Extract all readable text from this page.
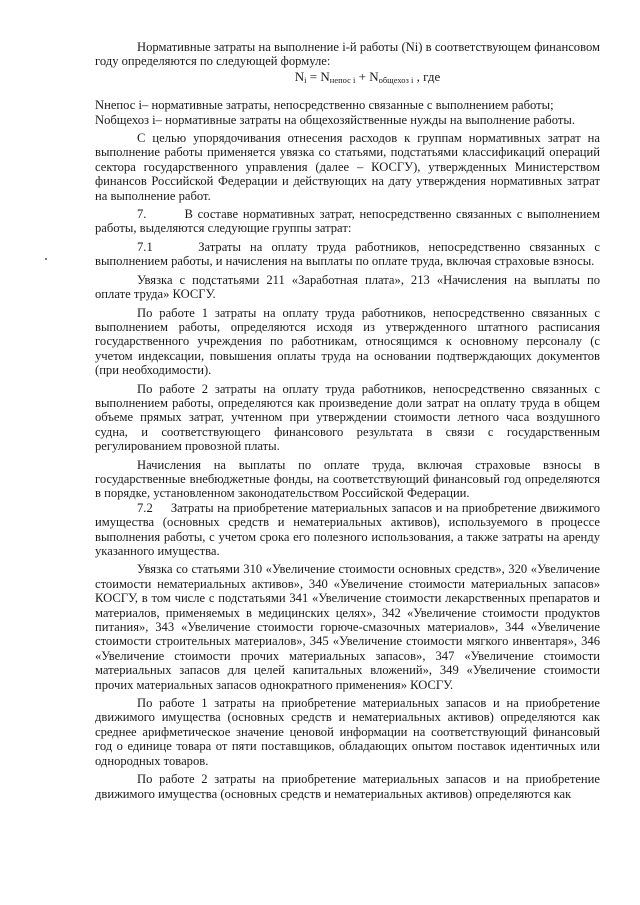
Нормативные затраты на выполнение i-й работы (Ni) в соответствующем финансовом году определяются по следующей формуле:

$N_i = N_{непос i} + N_{общехоз i}$ , где

Nнепос i– нормативные затраты, непосредственно связанные с выполнением работы;

Nобщехоз i– нормативные затраты на общехозяйственные нужды на выполнение работы.

С целью упорядочивания отнесения расходов к группам нормативных затрат на выполнение работы применяется увязка со статьями, подстатьями классификаций операций сектора государственного управления (далее – КОСГУ), утвержденных Министерством финансов Российской Федерации и действующих на дату утверждения нормативных затрат на выполнение работ.

7.        В составе нормативных затрат, непосредственно связанных с выполнением работы, выделяются следующие группы затрат:

7.1     Затраты на оплату труда работников, непосредственно связанных с выполнением работы, и начисления на выплаты по оплате труда, включая страховые взносы.

Увязка с подстатьями 211 «Заработная плата», 213 «Начисления на выплаты по оплате труда» КОСГУ.

По работе 1 затраты на оплату труда работников, непосредственно связанных с выполнением работы, определяются исходя из утвержденного штатного расписания государственного учреждения по работникам, относящимся к основному персоналу (с учетом индексации, повышения оплаты труда на основании подтверждающих документов (при необходимости).

По работе 2 затраты на оплату труда работников, непосредственно связанных с выполнением работы, определяются как произведение доли затрат на оплату труда в общем объеме прямых затрат, учтенном при утверждении стоимости летного часа воздушного судна, и соответствующего финансового результата в связи с государственным регулированием провозной платы.

Начисления на выплаты по оплате труда, включая страховые взносы в государственные внебюджетные фонды, на соответствующий финансовый год определяются в порядке, установленном законодательством Российской Федерации.

7.2     Затраты на приобретение материальных запасов и на приобретение движимого имущества (основных средств и нематериальных активов), используемого в процессе выполнения работы, с учетом срока его полезного использования, а также затраты на аренду указанного имущества.

Увязка со статьями 310 «Увеличение стоимости основных средств», 320 «Увеличение стоимости нематериальных активов», 340 «Увеличение стоимости материальных запасов» КОСГУ, в том числе с подстатьями 341 «Увеличение стоимости лекарственных препаратов и материалов, применяемых в медицинских целях», 342 «Увеличение стоимости продуктов питания», 343 «Увеличение стоимости горюче-смазочных материалов», 344 «Увеличение стоимости строительных материалов», 345 «Увеличение стоимости мягкого инвентаря», 346 «Увеличение стоимости прочих материальных запасов», 347 «Увеличение стоимости материальных запасов для целей капитальных вложений», 349 «Увеличение стоимости прочих материальных запасов однократного применения» КОСГУ.

По работе 1 затраты на приобретение материальных запасов и на приобретение движимого имущества (основных средств и нематериальных активов) определяются как среднее арифметическое значение ценовой информации на соответствующий финансовый год о единице товара от пяти поставщиков, обладающих опытом поставок идентичных или однородных товаров.

По работе 2 затраты на приобретение материальных запасов и на приобретение движимого имущества (основных средств и нематериальных активов) определяются как
